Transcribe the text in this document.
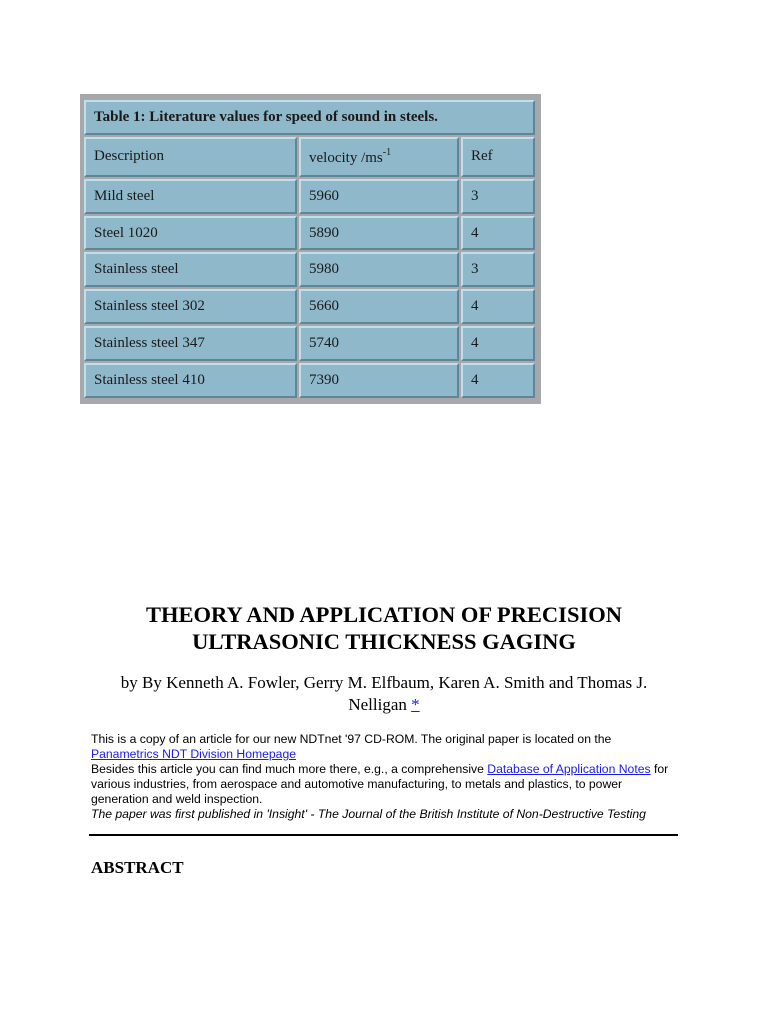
Table 1: Literature values for speed of sound in steels.		
Description	velocity $/ms^{-1}$	Ref
Mild steel	5960	3
Steel 1020	5890	4
Stainless steel	5980	3
Stainless steel 302	5660	4
Stainless steel 347	5740	4
Stainless steel 410	7390	4
THEORY AND APPLICATION OF PRECISION
ULTRASONIC THICKNESS GAGING
by By Kenneth A. Fowler, Gerry M. Elfbaum, Karen A. Smith and Thomas J. Nelligan *

This is a copy of an article for our new NDTnet '97 CD-ROM. The original paper is located on the Panametrics NDT Division Homepage

Besides this article you can find much more there, e.g., a comprehensive Database of Application Notes for various industries, from aerospace and automotive manufacturing, to metals and plastics, to power generation and weld inspection.

The paper was first published in 'Insight' - The Journal of the British Institute of Non-Destructive Testing

ABSTRACT
